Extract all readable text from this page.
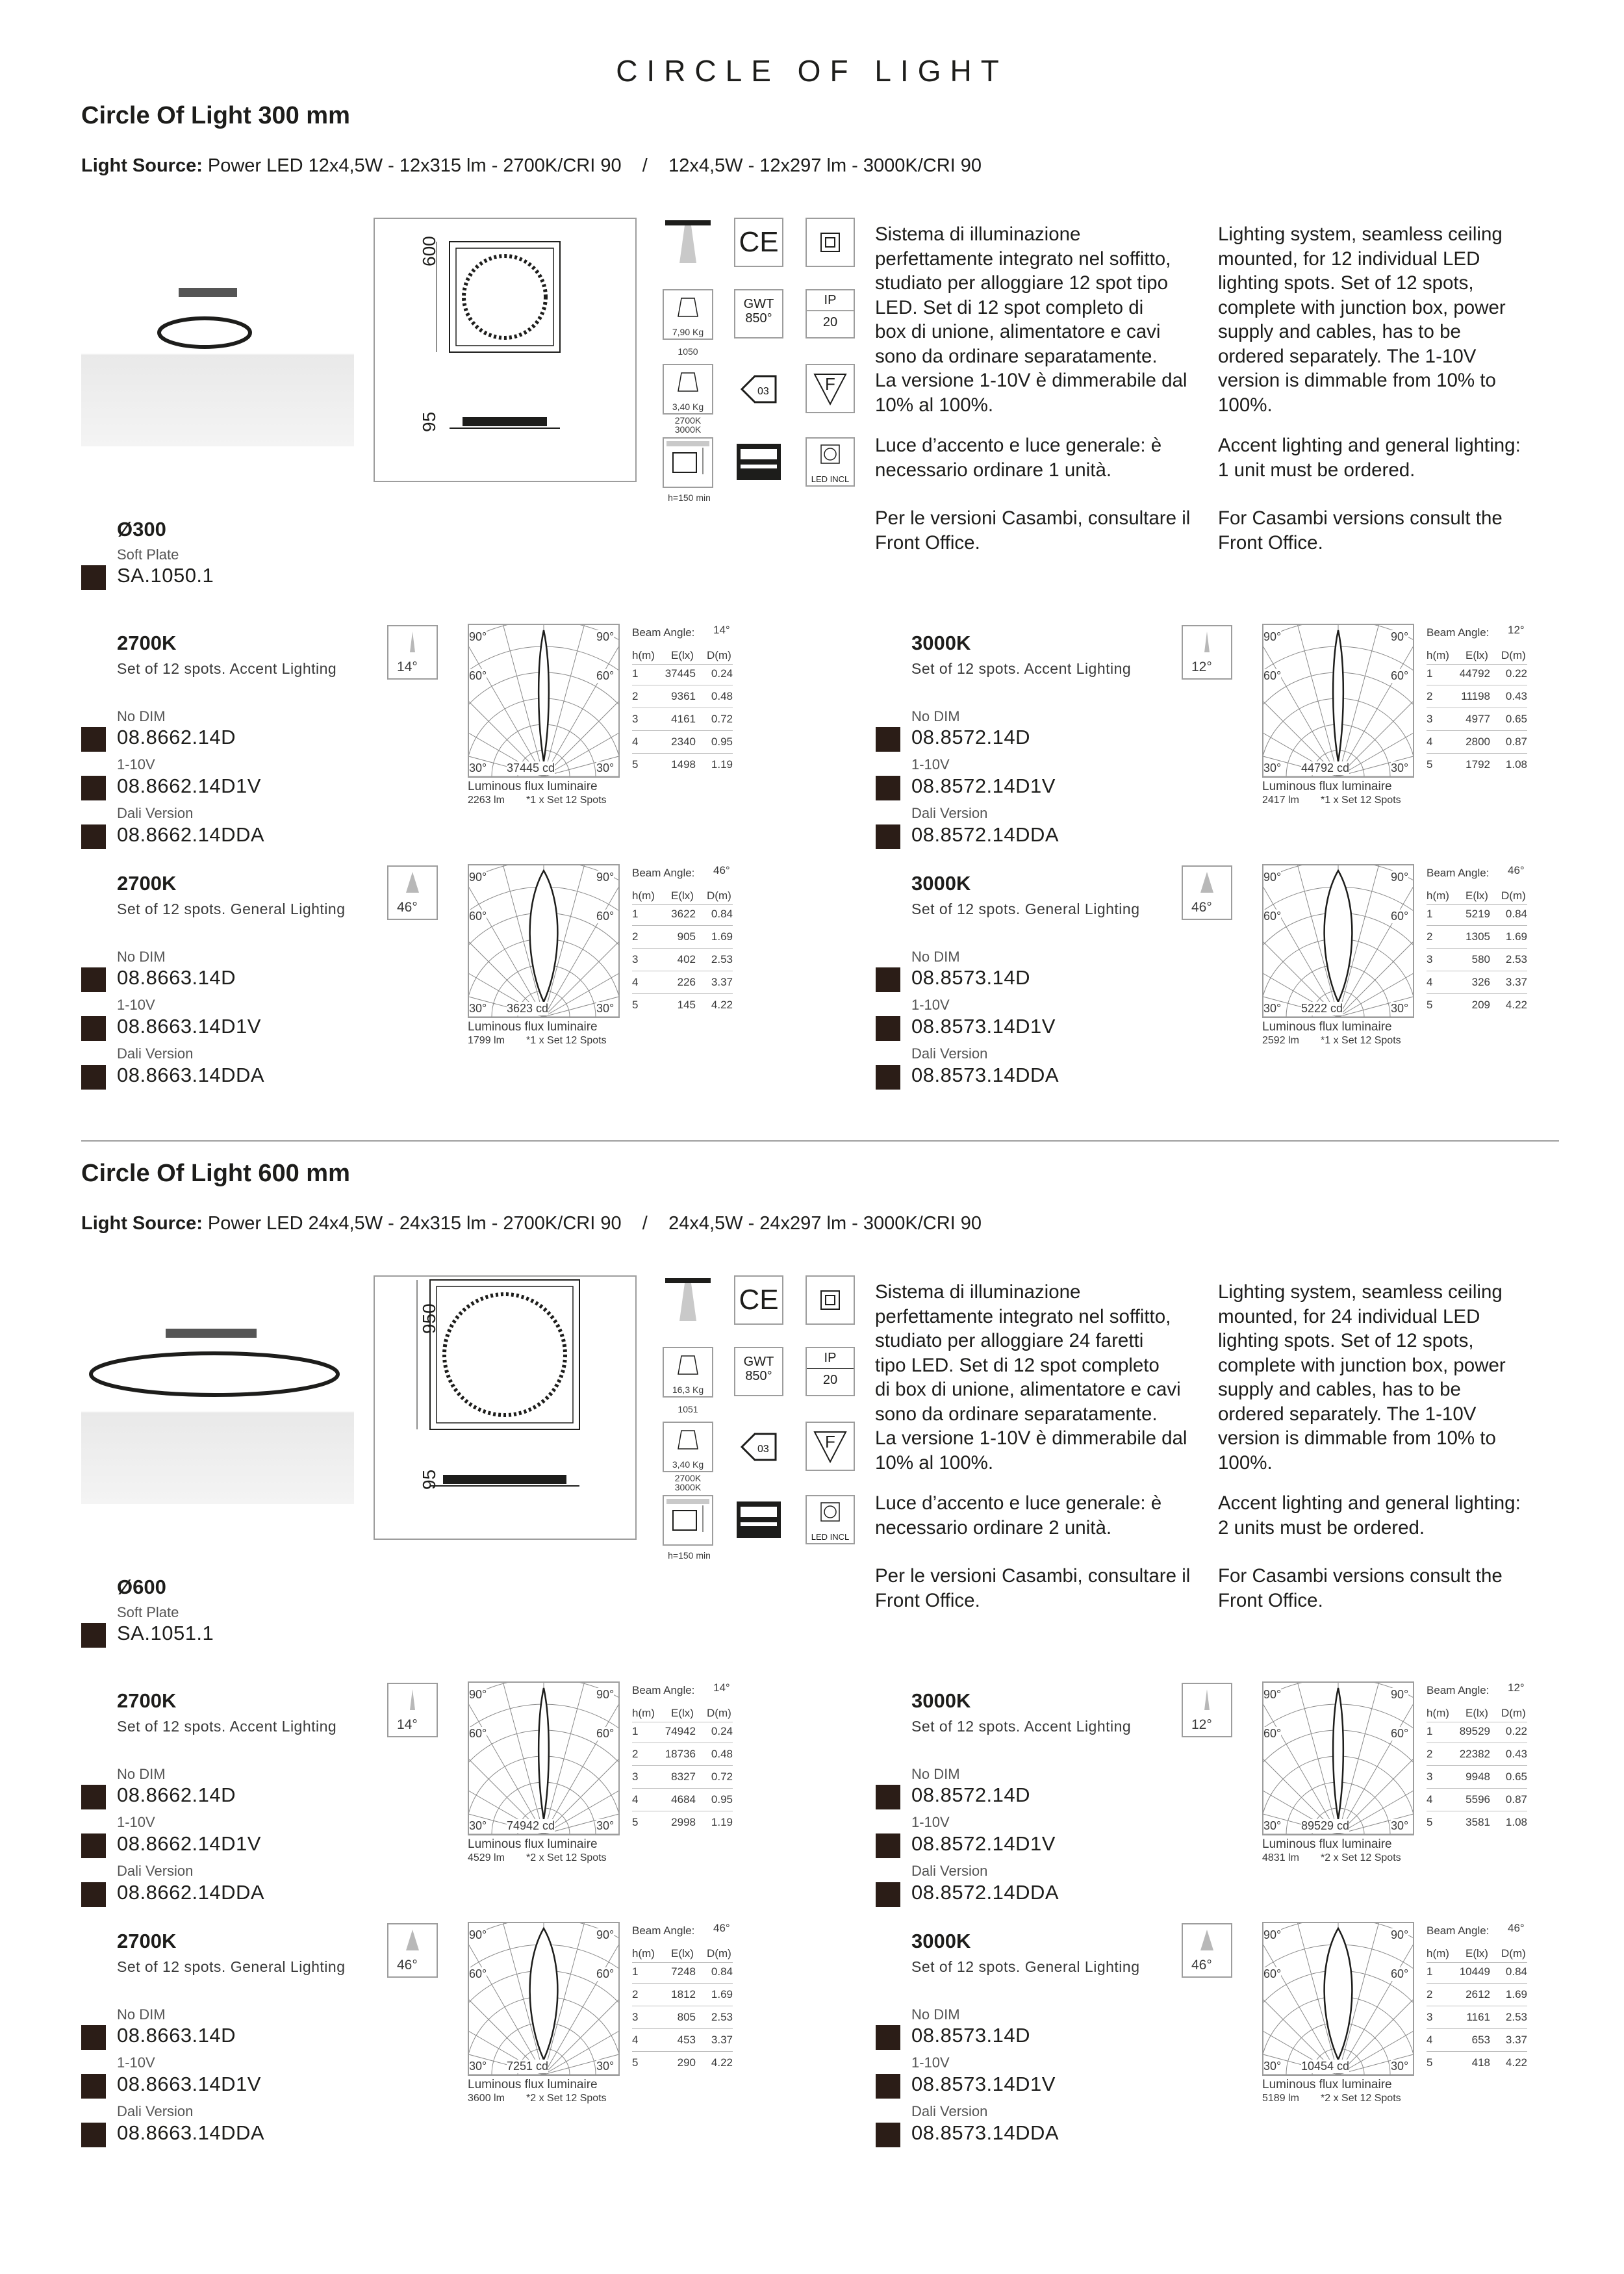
CIRCLE OF LIGHT
Circle Of Light 300 mm
Light Source: Power LED 12x4,5W - 12x315 lm - 2700K/CRI 90    /    12x4,5W - 12x297 lm - 3000K/CRI 90
600
95
CE
7,90 Kg
1050
GWT
850°
IP
20
3,40 Kg
2700K
3000K
03	F
h=150 min
LED INCL
Sistema di illuminazione
perfettamente integrato nel soffitto,
studiato per alloggiare 12 spot tipo
LED. Set di 12 spot completo di
box di unione, alimentatore e cavi
sono da ordinare separatamente.
La versione 1-10V è dimmerabile dal
10% al 100%.
Luce d’accento e luce generale: è
necessario ordinare 1 unità.
Per le versioni Casambi, consultare il
Front Office.
Lighting system, seamless ceiling
mounted, for 12 individual LED
lighting spots. Set of 12 spots,
complete with junction box, power
supply and cables, has to be
ordered separately. The 1-10V
version is dimmable from 10% to
100%.
Accent lighting and general lighting:
1 unit must be ordered.
For Casambi versions consult the
Front Office.
Ø300
Soft Plate
SA.1050.1
2700K
Set of 12 spots. Accent Lighting
No DIM
08.8662.14D
1-10V
08.8662.14D1V
Dali Version
08.8662.14DDA
14°
90°	90°
60°	60°
30°	30°
37445 cd
Luminous flux luminaire
2263 lm *1 x Set 12 Spots
Beam Angle: 14°
h(m) E(lx) D(m)
1	37445	0.24
2	9361	0.48
3	4161	0.72
4	2340	0.95
5	1498	1.19
3000K
Set of 12 spots. Accent Lighting
No DIM
08.8572.14D
1-10V
08.8572.14D1V
Dali Version
08.8572.14DDA
12°
90°	90°
60°	60°
30°	30°
44792 cd
Luminous flux luminaire
2417 lm *1 x Set 12 Spots
Beam Angle: 12°
h(m) E(lx) D(m)
1	44792	0.22
2	11198	0.43
3	4977	0.65
4	2800	0.87
5	1792	1.08
2700K
Set of 12 spots. General Lighting
No DIM
08.8663.14D
1-10V
08.8663.14D1V
Dali Version
08.8663.14DDA
46°
90°	90°
60°	60°
30°	30°
3623 cd
Luminous flux luminaire
1799 lm *1 x Set 12 Spots
Beam Angle: 46°
h(m) E(lx) D(m)
1	3622	0.84
2	905	1.69
3	402	2.53
4	226	3.37
5	145	4.22
3000K
Set of 12 spots. General Lighting
No DIM
08.8573.14D
1-10V
08.8573.14D1V
Dali Version
08.8573.14DDA
46°
90°	90°
60°	60°
30°	30°
5222 cd
Luminous flux luminaire
2592 lm *1 x Set 12 Spots
Beam Angle: 46°
h(m) E(lx) D(m)
1	5219	0.84
2	1305	1.69
3	580	2.53
4	326	3.37
5	209	4.22
Circle Of Light 600 mm
Light Source: Power LED 24x4,5W - 24x315 lm - 2700K/CRI 90    /    24x4,5W - 24x297 lm - 3000K/CRI 90
950
95
CE
16,3 Kg
1051
GWT
850°
IP
20
3,40 Kg
2700K
3000K
03	F
h=150 min
LED INCL
Sistema di illuminazione
perfettamente integrato nel soffitto,
studiato per alloggiare 24 faretti
tipo LED. Set di 12 spot completo
di box di unione, alimentatore e cavi
sono da ordinare separatamente.
La versione 1-10V è dimmerabile dal
10% al 100%.
Luce d’accento e luce generale: è
necessario ordinare 2 unità.
Per le versioni Casambi, consultare il
Front Office.
Lighting system, seamless ceiling
mounted, for 24 individual LED
lighting spots. Set of 12 spots,
complete with junction box, power
supply and cables, has to be
ordered separately. The 1-10V
version is dimmable from 10% to
100%.
Accent lighting and general lighting:
2 units must be ordered.
For Casambi versions consult the
Front Office.
Ø600
Soft Plate
SA.1051.1
2700K
Set of 12 spots. Accent Lighting
No DIM
08.8662.14D
1-10V
08.8662.14D1V
Dali Version
08.8662.14DDA
14°
90°	90°
60°	60°
30°	30°
74942 cd
Luminous flux luminaire
4529 lm *2 x Set 12 Spots
Beam Angle: 14°
h(m) E(lx) D(m)
1	74942	0.24
2	18736	0.48
3	8327	0.72
4	4684	0.95
5	2998	1.19
3000K
Set of 12 spots. Accent Lighting
No DIM
08.8572.14D
1-10V
08.8572.14D1V
Dali Version
08.8572.14DDA
12°
90°	90°
60°	60°
30°	30°
89529 cd
Luminous flux luminaire
4831 lm *2 x Set 12 Spots
Beam Angle: 12°
h(m) E(lx) D(m)
1	89529	0.22
2	22382	0.43
3	9948	0.65
4	5596	0.87
5	3581	1.08
2700K
Set of 12 spots. General Lighting
No DIM
08.8663.14D
1-10V
08.8663.14D1V
Dali Version
08.8663.14DDA
46°
90°	90°
60°	60°
30°	30°
7251 cd
Luminous flux luminaire
3600 lm *2 x Set 12 Spots
Beam Angle: 46°
h(m) E(lx) D(m)
1	7248	0.84
2	1812	1.69
3	805	2.53
4	453	3.37
5	290	4.22
3000K
Set of 12 spots. General Lighting
No DIM
08.8573.14D
1-10V
08.8573.14D1V
Dali Version
08.8573.14DDA
46°
90°	90°
60°	60°
30°	30°
10454 cd
Luminous flux luminaire
5189 lm *2 x Set 12 Spots
Beam Angle: 46°
h(m) E(lx) D(m)
1	10449	0.84
2	2612	1.69
3	1161	2.53
4	653	3.37
5	418	4.22
